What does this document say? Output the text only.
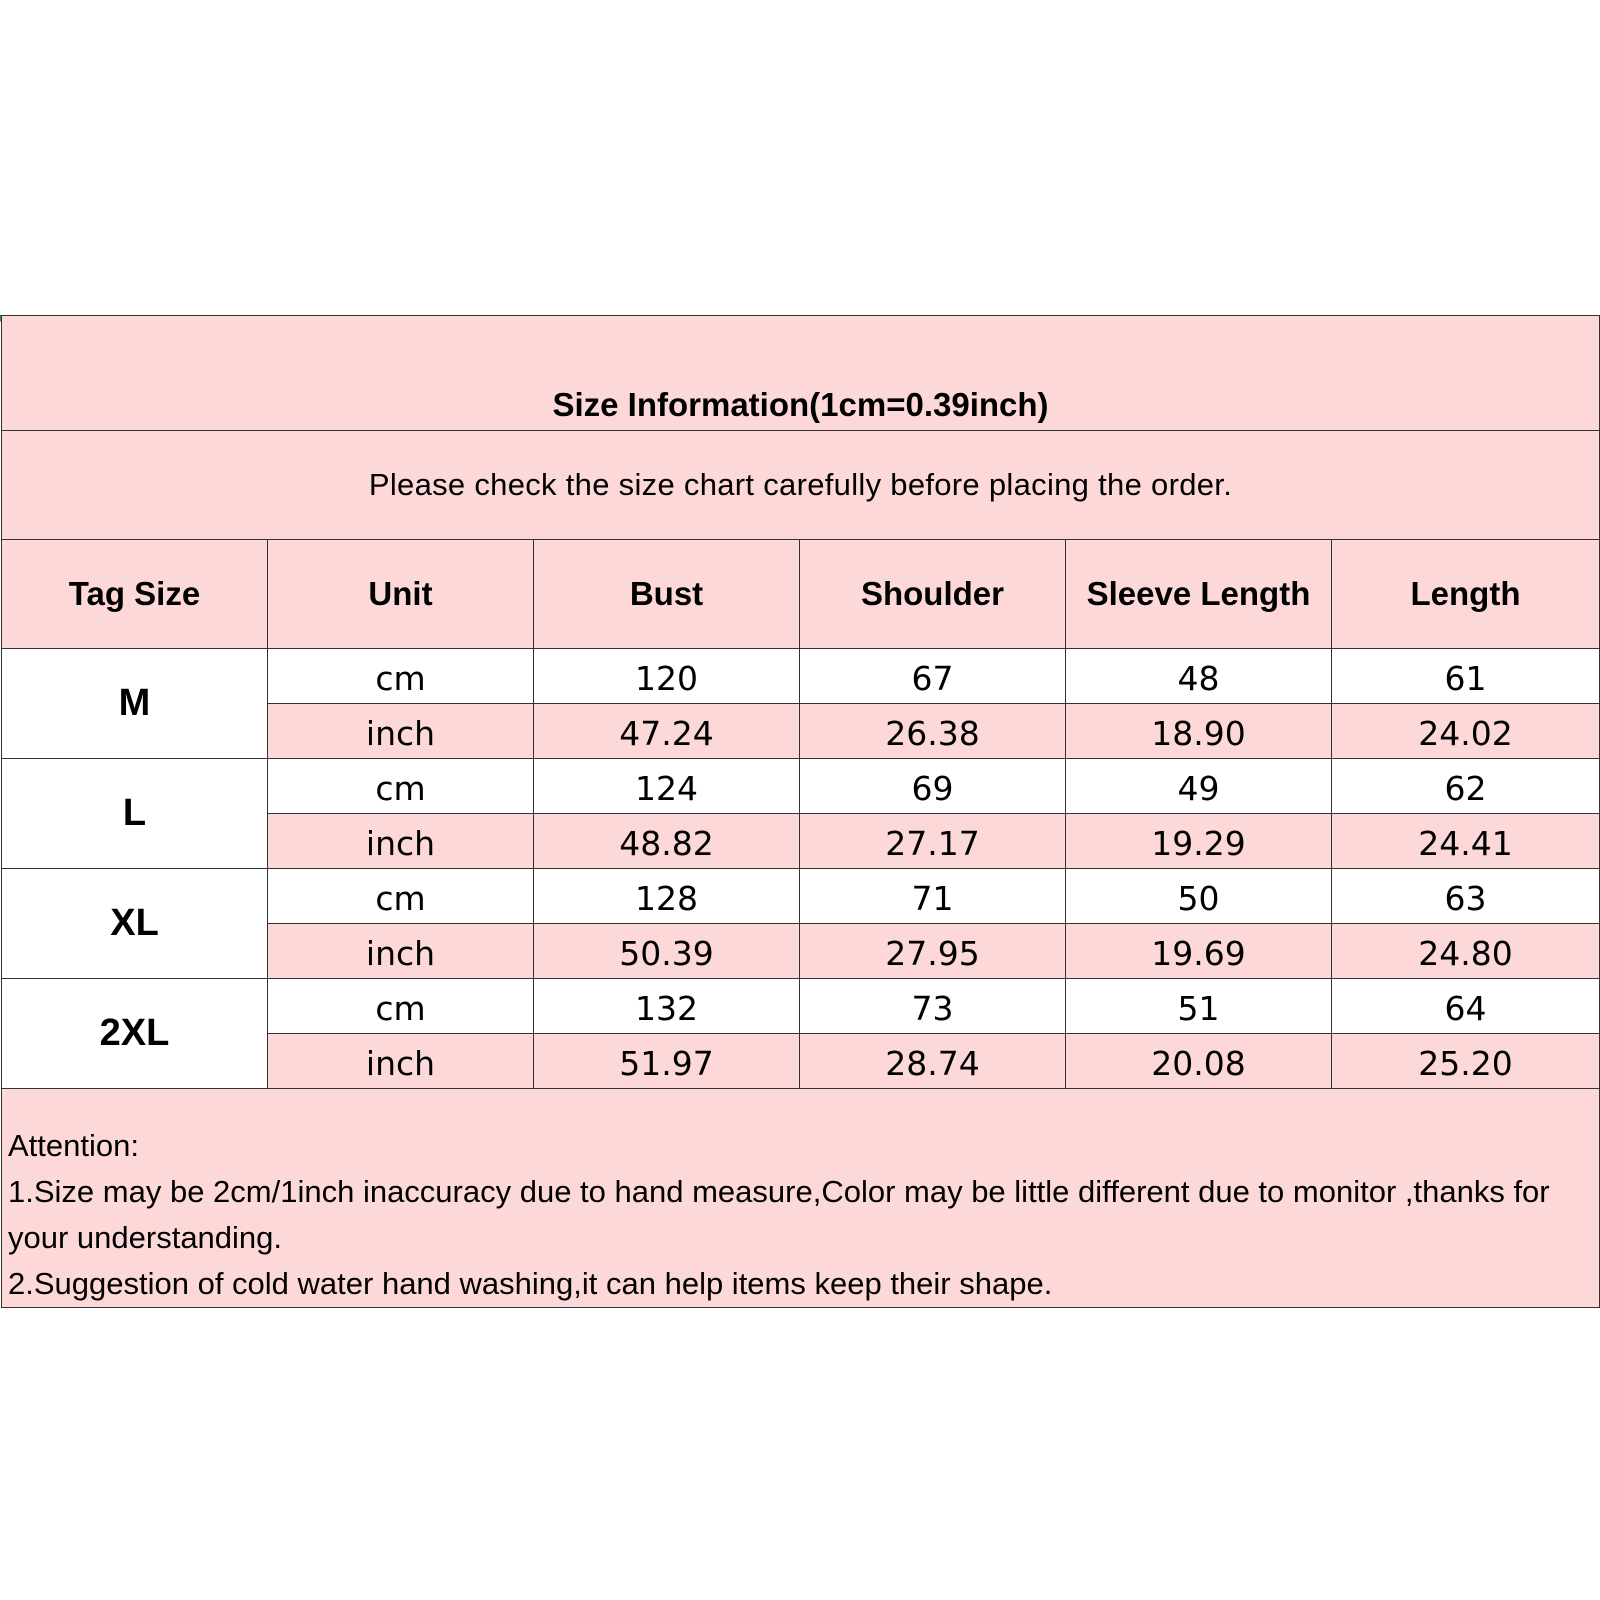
Size Information(1cm=0.39inch)					
Please check the size chart carefully before placing the order.					
Tag Size	Unit	Bust	Shoulder	Sleeve Length	Length
M	cm	120	67	48	61
	inch	47.24	26.38	18.90	24.02
L	cm	124	69	49	62
	inch	48.82	27.17	19.29	24.41
XL	cm	128	71	50	63
	inch	50.39	27.95	19.69	24.80
2XL	cm	132	73	51	64
	inch	51.97	28.74	20.08	25.20

Attention:
1.Size may be 2cm/1inch inaccuracy due to hand measure,Color may be little different due to monitor ,thanks for your understanding.
2.Suggestion of cold water hand washing,it can help items keep their shape.					
